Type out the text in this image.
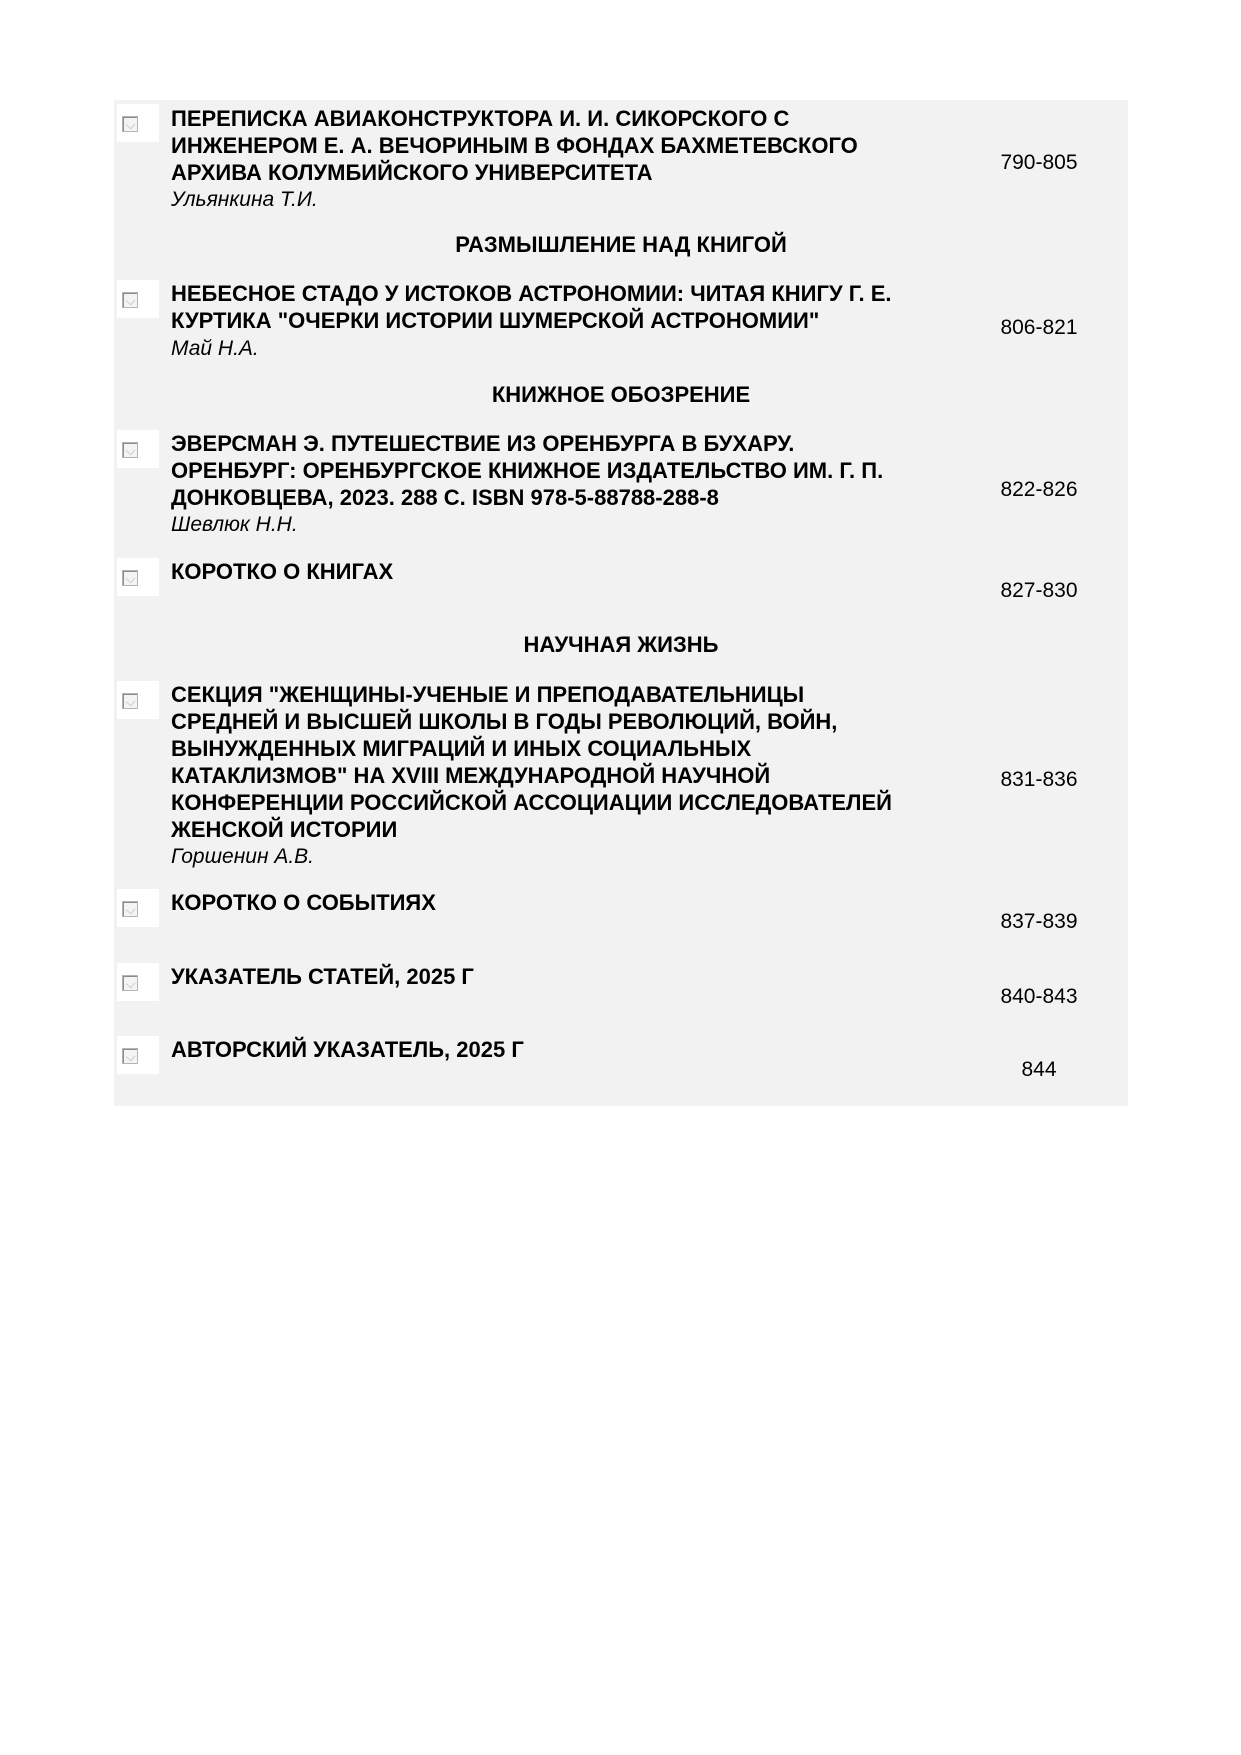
ПЕРЕПИСКА АВИАКОНСТРУКТОРА И. И. СИКОРСКОГО С
ИНЖЕНЕРОМ Е. А. ВЕЧОРИНЫМ В ФОНДАХ БАХМЕТЕВСКОГО
АРХИВА КОЛУМБИЙСКОГО УНИВЕРСИТЕТА
Ульянкина Т.И.
790-805
РАЗМЫШЛЕНИЕ НАД КНИГОЙ
НЕБЕСНОЕ СТАДО У ИСТОКОВ АСТРОНОМИИ: ЧИТАЯ КНИГУ Г. Е.
КУРТИКА "ОЧЕРКИ ИСТОРИИ ШУМЕРСКОЙ АСТРОНОМИИ"
Май Н.А.
806-821
КНИЖНОЕ ОБОЗРЕНИЕ
ЭВЕРСМАН Э. ПУТЕШЕСТВИЕ ИЗ ОРЕНБУРГА В БУХАРУ.
ОРЕНБУРГ: ОРЕНБУРГСКОЕ КНИЖНОЕ ИЗДАТЕЛЬСТВО ИМ. Г. П.
ДОНКОВЦЕВА, 2023. 288 С. ISBN 978-5-88788-288-8
Шевлюк Н.Н.
822-826
КОРОТКО О КНИГАХ
827-830
НАУЧНАЯ ЖИЗНЬ
СЕКЦИЯ "ЖЕНЩИНЫ-УЧЕНЫЕ И ПРЕПОДАВАТЕЛЬНИЦЫ
СРЕДНЕЙ И ВЫСШЕЙ ШКОЛЫ В ГОДЫ РЕВОЛЮЦИЙ, ВОЙН,
ВЫНУЖДЕННЫХ МИГРАЦИЙ И ИНЫХ СОЦИАЛЬНЫХ
КАТАКЛИЗМОВ" НА XVIII МЕЖДУНАРОДНОЙ НАУЧНОЙ
КОНФЕРЕНЦИИ РОССИЙСКОЙ АССОЦИАЦИИ ИССЛЕДОВАТЕЛЕЙ
ЖЕНСКОЙ ИСТОРИИ
Горшенин А.В.
831-836
КОРОТКО О СОБЫТИЯХ
837-839
УКАЗАТЕЛЬ СТАТЕЙ, 2025 Г
840-843
АВТОРСКИЙ УКАЗАТЕЛЬ, 2025 Г
844
